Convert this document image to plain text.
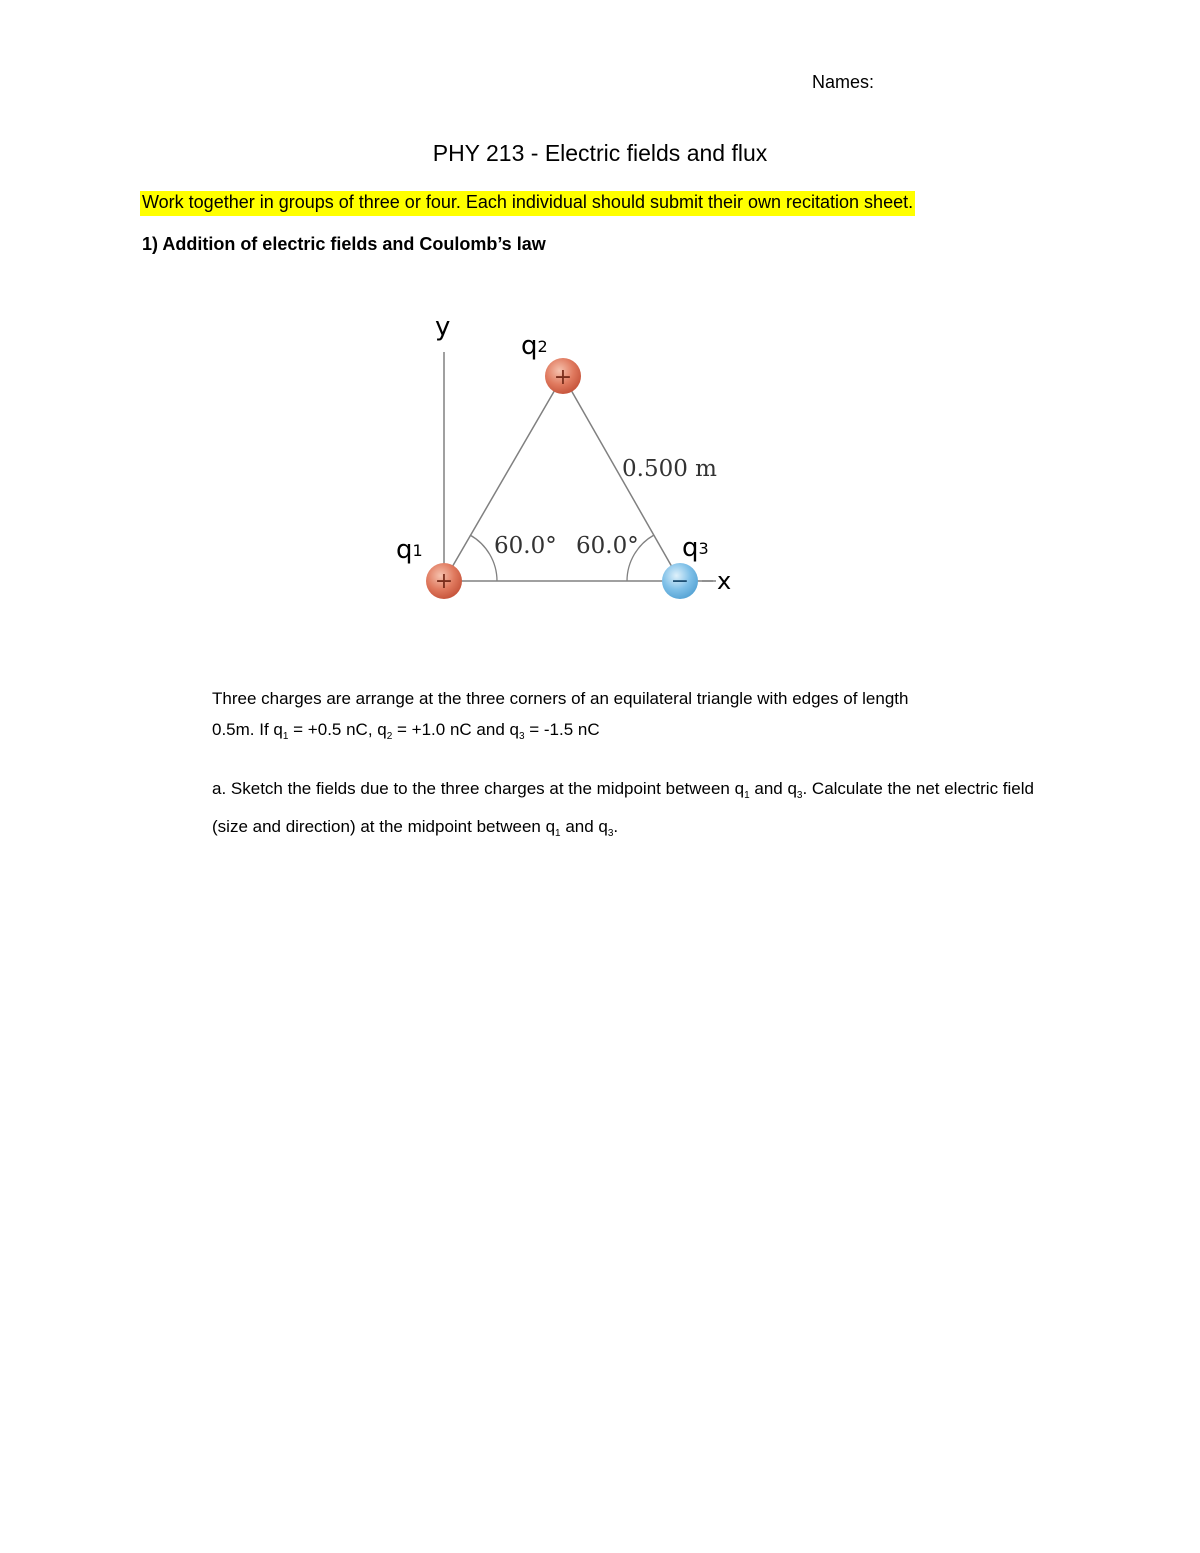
Names:
PHY 213 - Electric fields and flux
Work together in groups of three or four. Each individual should submit their own recitation sheet.
1) Addition of electric fields and Coulomb’s law
0.500 m
60.0° 60.0°
y
x
q1
q2
q3
+
+
−
Three charges are arrange at the three corners of an equilateral triangle with edges of length
0.5m. If $q_1 = +0.5$ nC, $q_2 = +1.0$ nC and $q_3 = -1.5$ nC
a. Sketch the fields due to the three charges at the midpoint between $q_1$ and $q_3$. Calculate the net electric field (size and direction) at the midpoint between $q_1$ and $q_3$.
